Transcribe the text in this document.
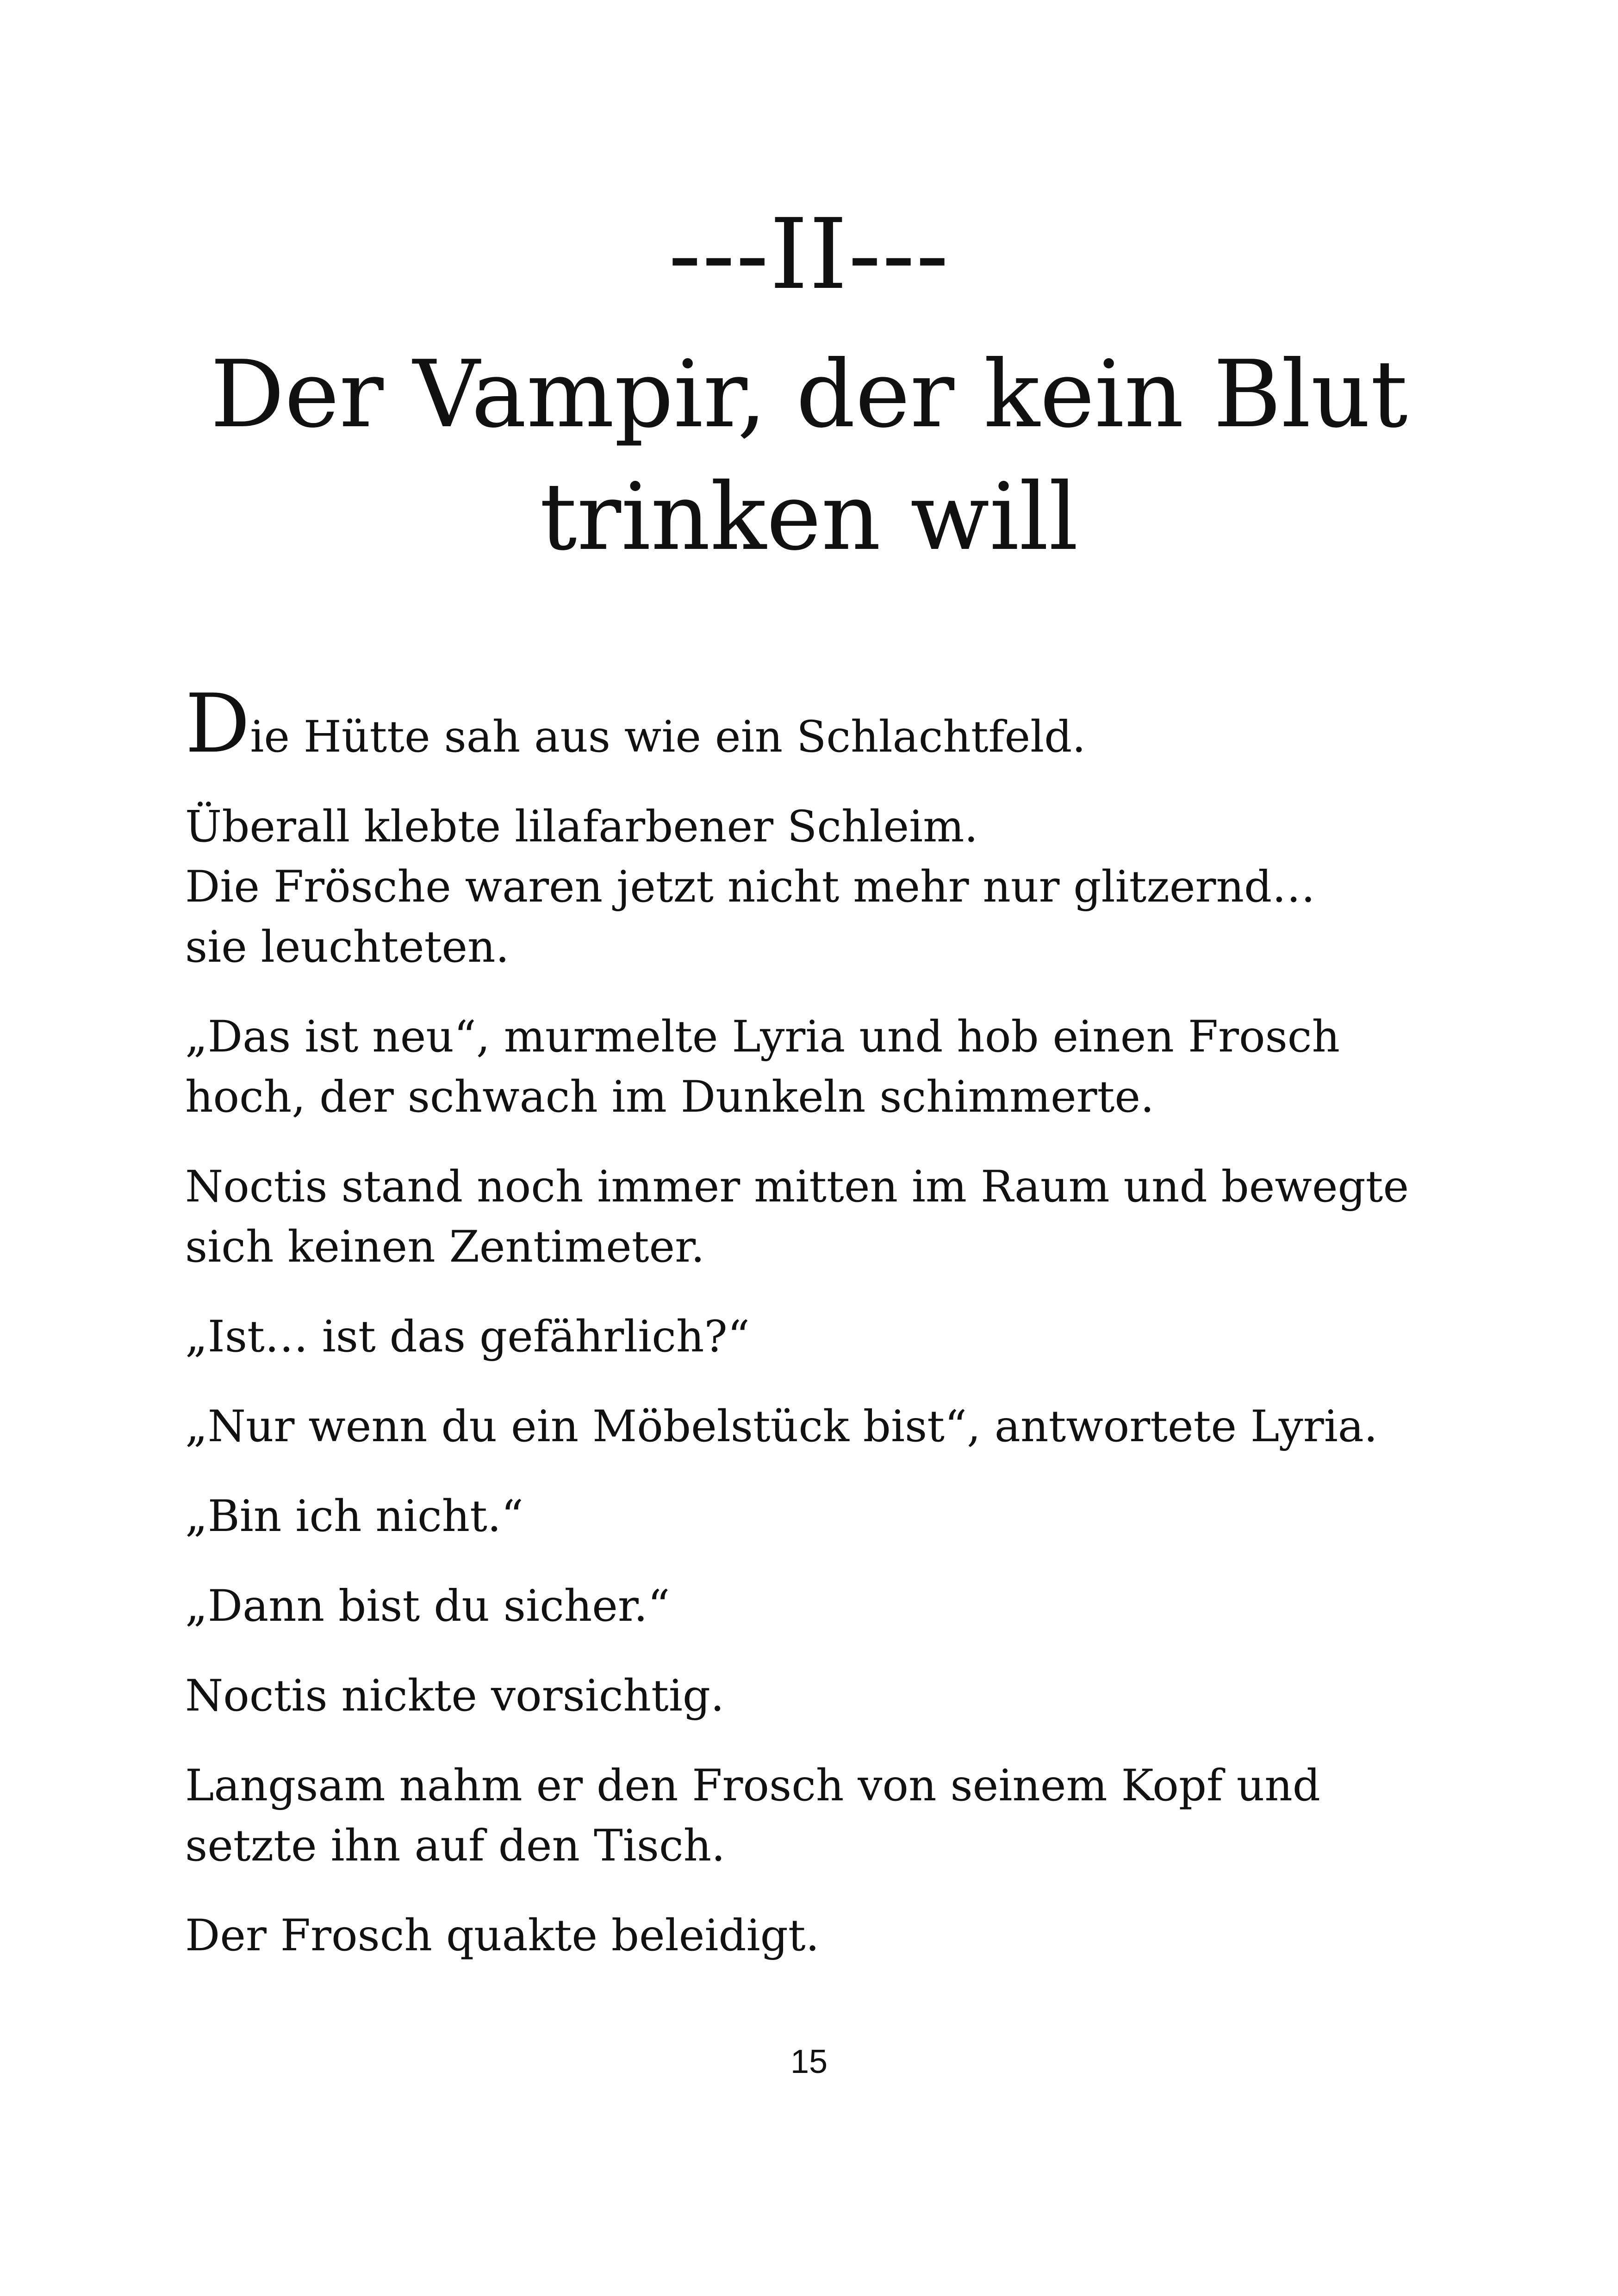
---II---
Der Vampir, der kein Blut
trinken will

Die Hütte sah aus wie ein Schlachtfeld.

Überall klebte lilafarbener Schleim.
Die Frösche waren jetzt nicht mehr nur glitzernd…
sie leuchteten.

„Das ist neu“, murmelte Lyria und hob einen Frosch
hoch, der schwach im Dunkeln schimmerte.

Noctis stand noch immer mitten im Raum und bewegte
sich keinen Zentimeter.

„Ist… ist das gefährlich?“

„Nur wenn du ein Möbelstück bist“, antwortete Lyria.

„Bin ich nicht.“

„Dann bist du sicher.“

Noctis nickte vorsichtig.

Langsam nahm er den Frosch von seinem Kopf und
setzte ihn auf den Tisch.

Der Frosch quakte beleidigt.

15
